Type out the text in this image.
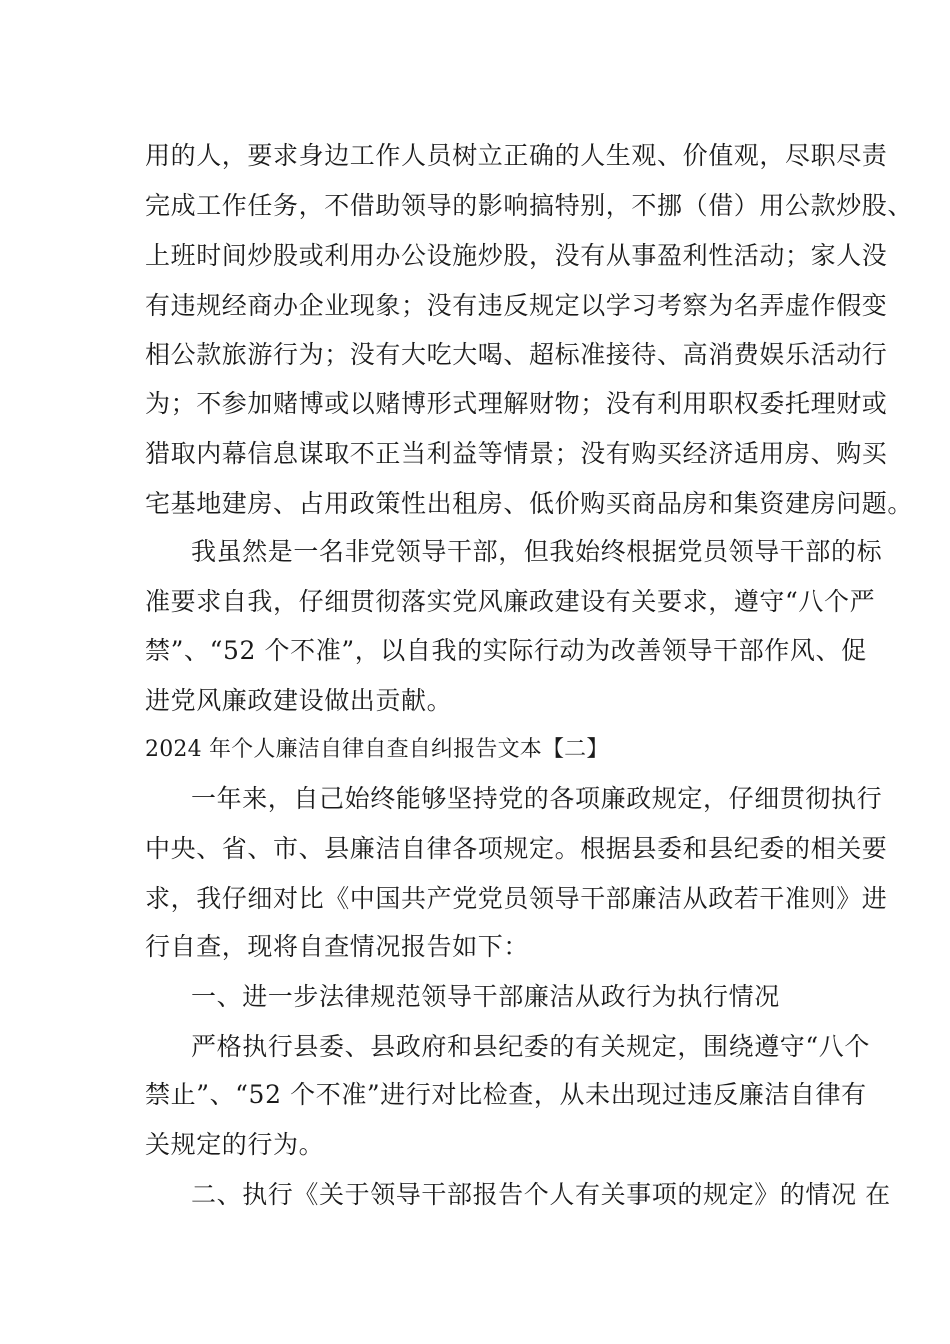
用的人，要求身边工作人员树立正确的人生观、价值观，尽职尽责
完成工作任务，不借助领导的影响搞特别，不挪（借）用公款炒股、
上班时间炒股或利用办公设施炒股，没有从事盈利性活动；家人没
有违规经商办企业现象；没有违反规定以学习考察为名弄虚作假变
相公款旅游行为；没有大吃大喝、超标准接待、高消费娱乐活动行
为；不参加赌博或以赌博形式理解财物；没有利用职权委托理财或
猎取内幕信息谋取不正当利益等情景；没有购买经济适用房、购买
宅基地建房、占用政策性出租房、低价购买商品房和集资建房问题。
我虽然是一名非党领导干部，但我始终根据党员领导干部的标
准要求自我，仔细贯彻落实党风廉政建设有关要求，遵守“八个严
禁”、“52 个不准”，以自我的实际行动为改善领导干部作风、促
进党风廉政建设做出贡献。
2024 年个人廉洁自律自查自纠报告文本【二】
一年来，自己始终能够坚持党的各项廉政规定，仔细贯彻执行
中央、省、市、县廉洁自律各项规定。根据县委和县纪委的相关要
求，我仔细对比《中国共产党党员领导干部廉洁从政若干准则》进
行自查，现将自查情况报告如下：
一、进一步法律规范领导干部廉洁从政行为执行情况
严格执行县委、县政府和县纪委的有关规定，围绕遵守“八个
禁止”、“52 个不准”进行对比检查，从未出现过违反廉洁自律有
关规定的行为。
二、执行《关于领导干部报告个人有关事项的规定》的情况 在
